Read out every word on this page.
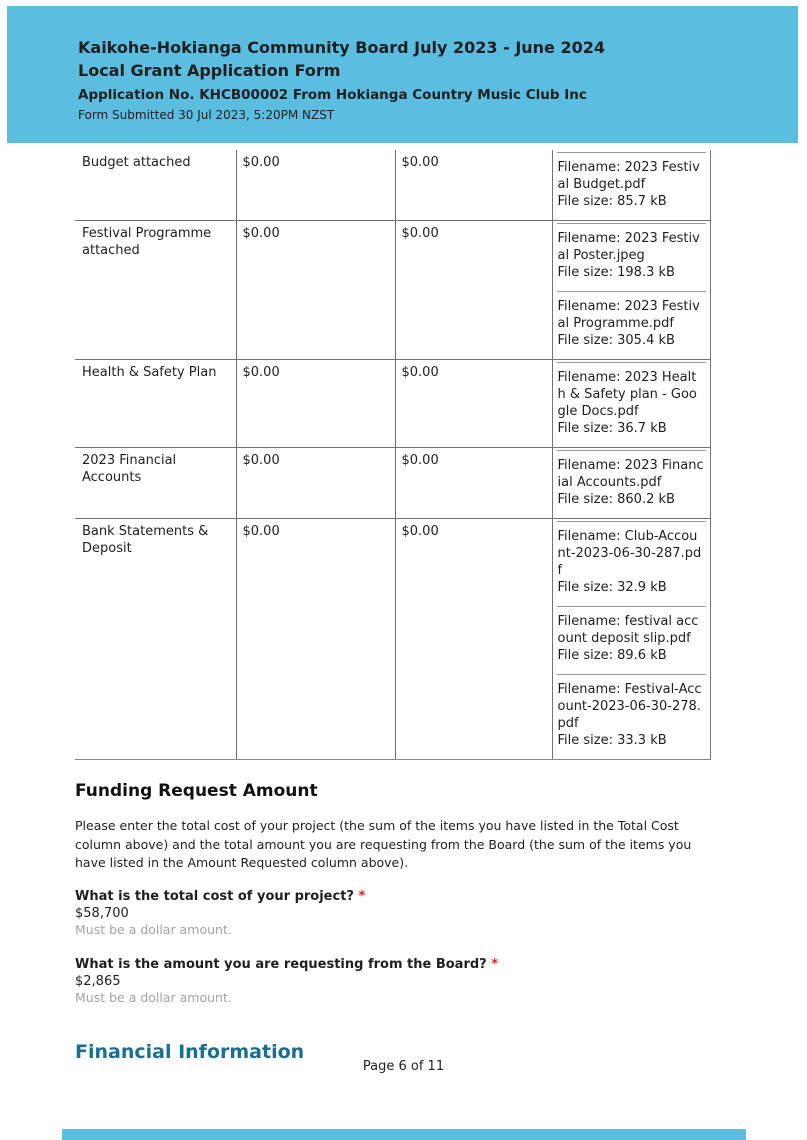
Kaikohe-Hokianga Community Board July 2023 - June 2024
Local Grant Application Form
Application No. KHCB00002 From Hokianga Country Music Club Inc
Form Submitted 30 Jul 2023, 5:20PM NZST
Budget attached	$0.00	$0.00	Filename: 2023 Festival Budget.pdf
File size: 85.7 kB

Festival Programme attached	$0.00	$0.00	Filename: 2023 Festival Poster.jpeg
File size: 198.3 kB
Filename: 2023 Festival Programme.pdf
File size: 305.4 kB

Health & Safety Plan	$0.00	$0.00	Filename: 2023 Health & Safety plan - Google Docs.pdf
File size: 36.7 kB

2023 Financial Accounts	$0.00	$0.00	Filename: 2023 Financial Accounts.pdf
File size: 860.2 kB

Bank Statements & Deposit	$0.00	$0.00	Filename: Club-Account-2023-06-30-287.pdf
File size: 32.9 kB
Filename: festival account deposit slip.pdf
File size: 89.6 kB
Filename: Festival-Account-2023-06-30-278.pdf
File size: 33.3 kB
Funding Request Amount

Please enter the total cost of your project (the sum of the items you have listed in the Total Cost column above) and the total amount you are requesting from the Board (the sum of the items you have listed in the Amount Requested column above).

What is the total cost of your project? *
$58,700
Must be a dollar amount.
What is the amount you are requesting from the Board? *
$2,865
Must be a dollar amount.
Financial Information
Page 6 of 11
